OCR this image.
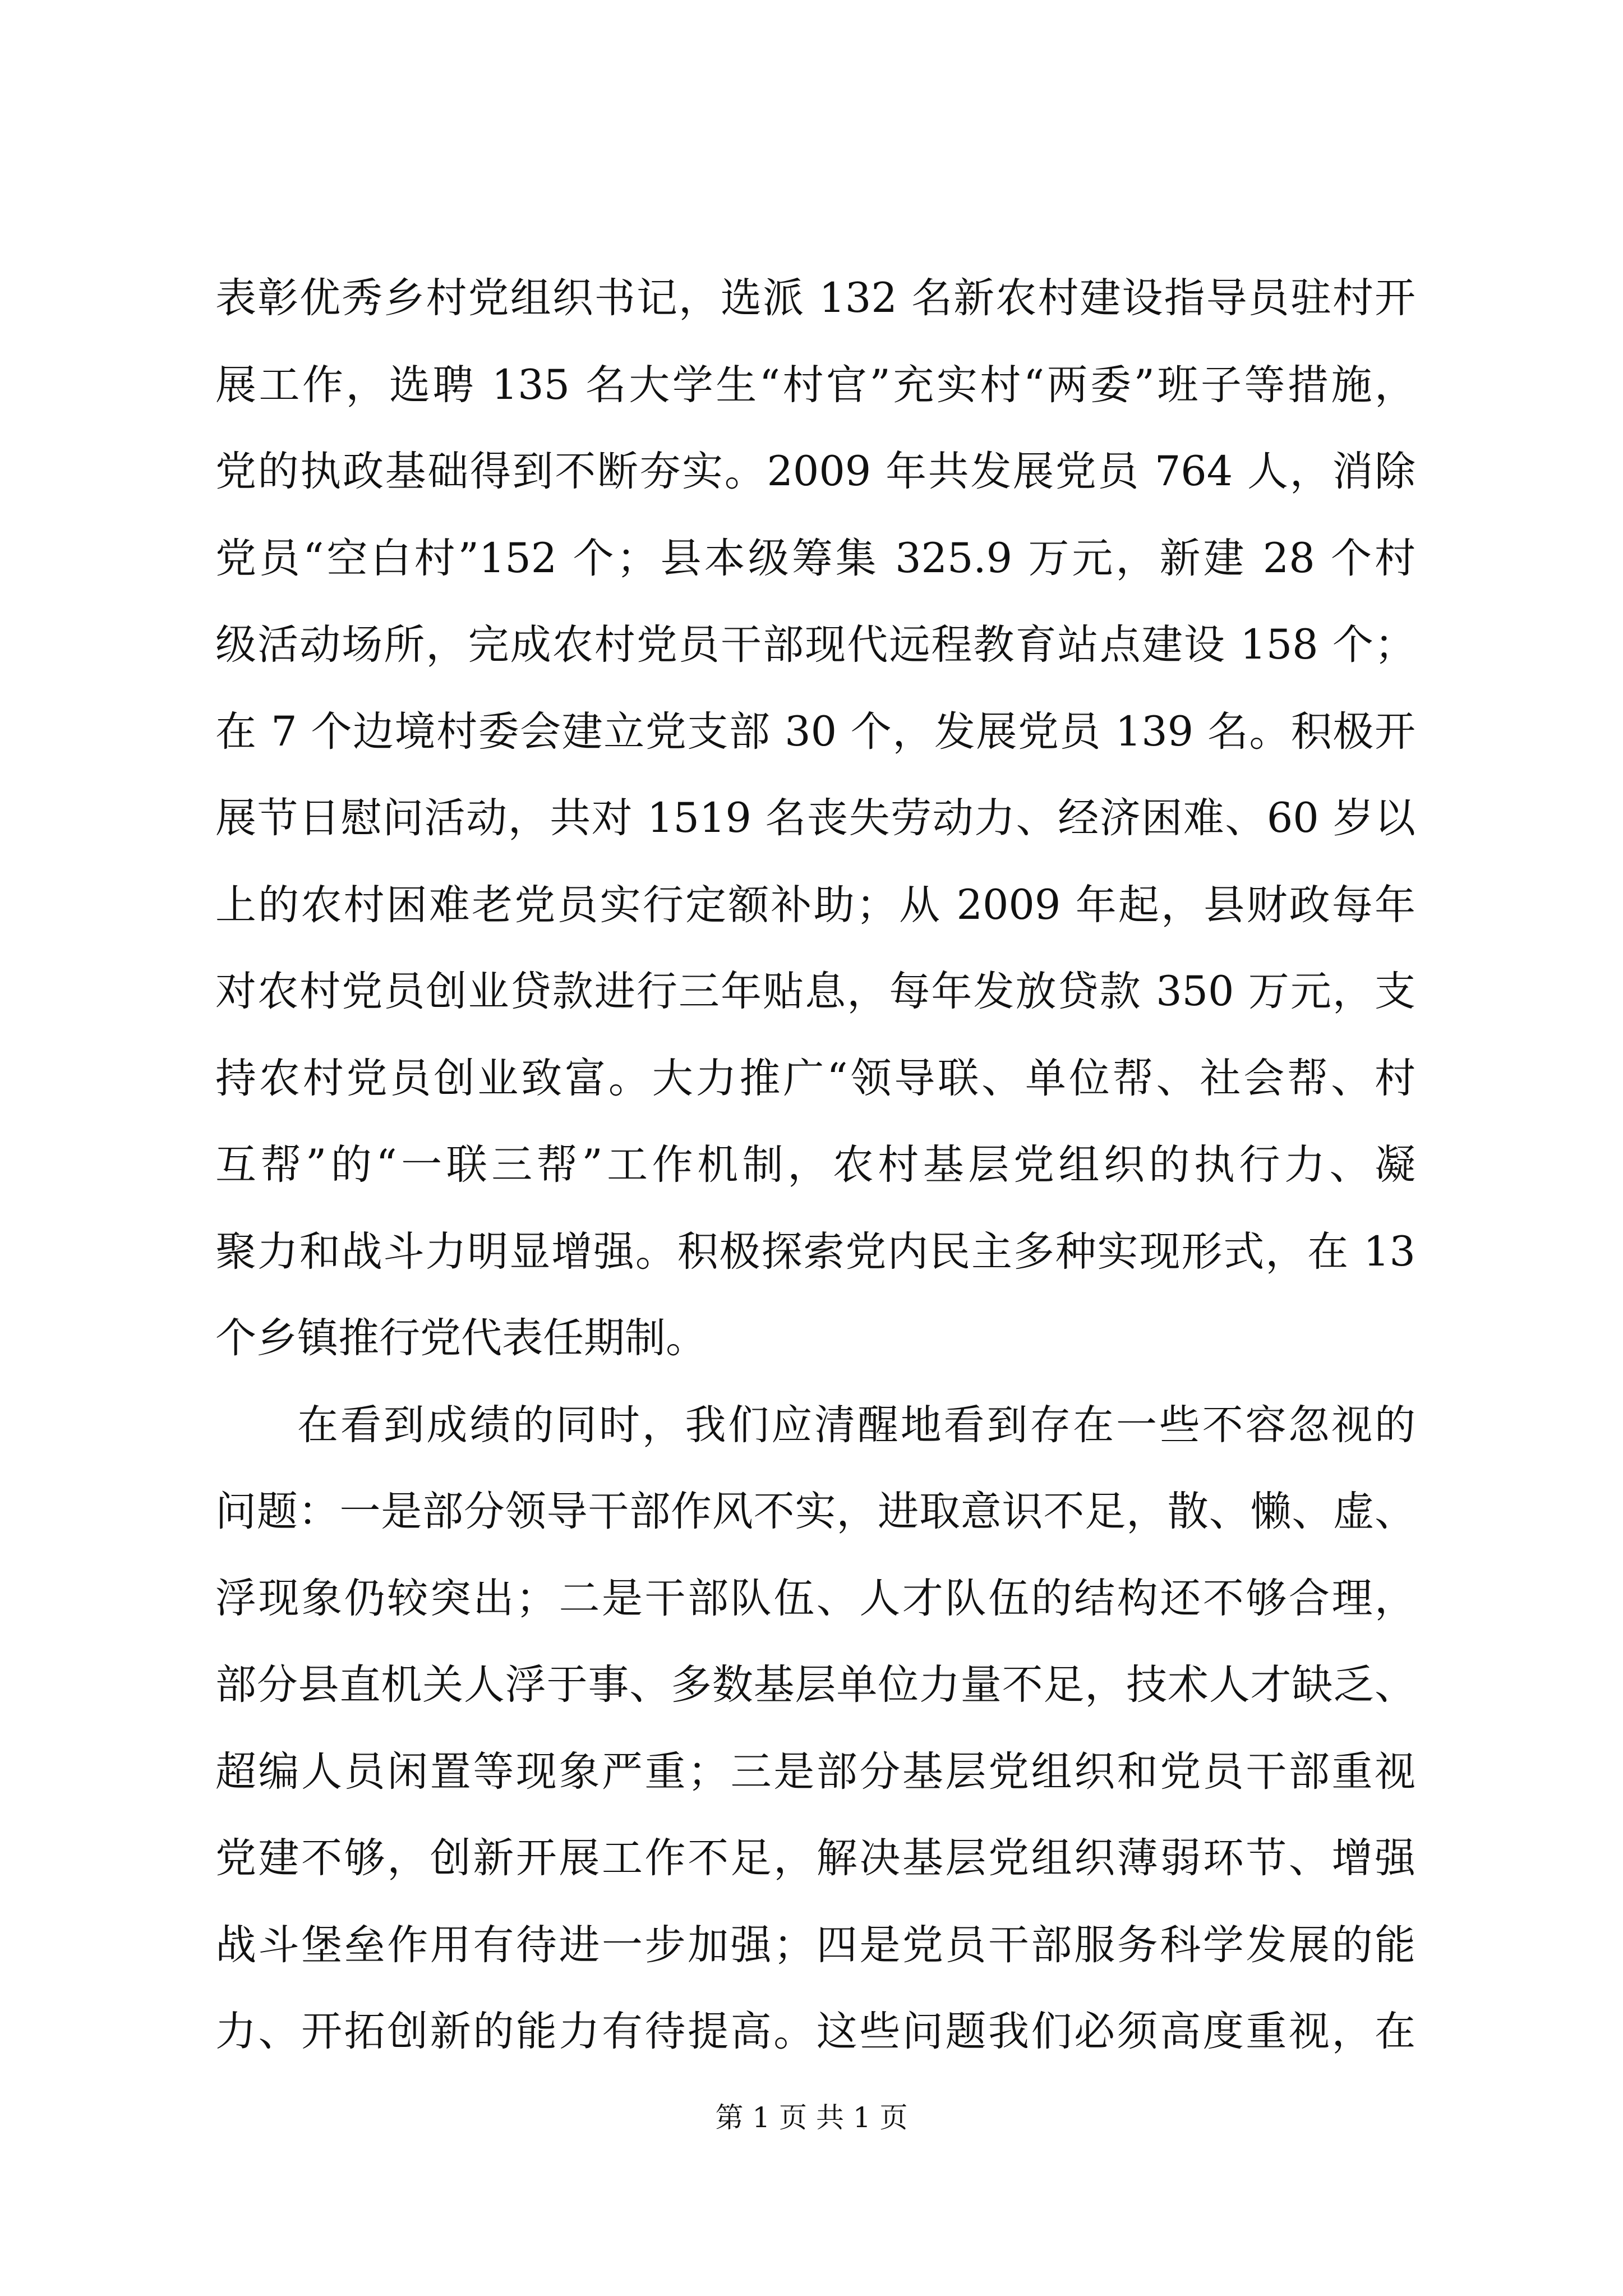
表彰优秀乡村党组织书记，选派 132 名新农村建设指导员驻村开
展工作，选聘 135 名大学生“村官”充实村“两委”班子等措施，
党的执政基础得到不断夯实。2009 年共发展党员 764 人，消除
党员“空白村”152 个；县本级筹集 325.9 万元，新建 28 个村
级活动场所，完成农村党员干部现代远程教育站点建设 158 个；
在 7 个边境村委会建立党支部 30 个，发展党员 139 名。积极开
展节日慰问活动，共对 1519 名丧失劳动力、经济困难、60 岁以
上的农村困难老党员实行定额补助；从 2009 年起，县财政每年
对农村党员创业贷款进行三年贴息，每年发放贷款 350 万元，支
持农村党员创业致富。大力推广“领导联、单位帮、社会帮、村
互帮”的“一联三帮”工作机制，农村基层党组织的执行力、凝
聚力和战斗力明显增强。积极探索党内民主多种实现形式，在 13
个乡镇推行党代表任期制。
在看到成绩的同时，我们应清醒地看到存在一些不容忽视的
问题：一是部分领导干部作风不实，进取意识不足，散、懒、虚、
浮现象仍较突出；二是干部队伍、人才队伍的结构还不够合理，
部分县直机关人浮于事、多数基层单位力量不足，技术人才缺乏、
超编人员闲置等现象严重；三是部分基层党组织和党员干部重视
党建不够，创新开展工作不足，解决基层党组织薄弱环节、增强
战斗堡垒作用有待进一步加强；四是党员干部服务科学发展的能
力、开拓创新的能力有待提高。这些问题我们必须高度重视，在
第 1 页 共 1 页
